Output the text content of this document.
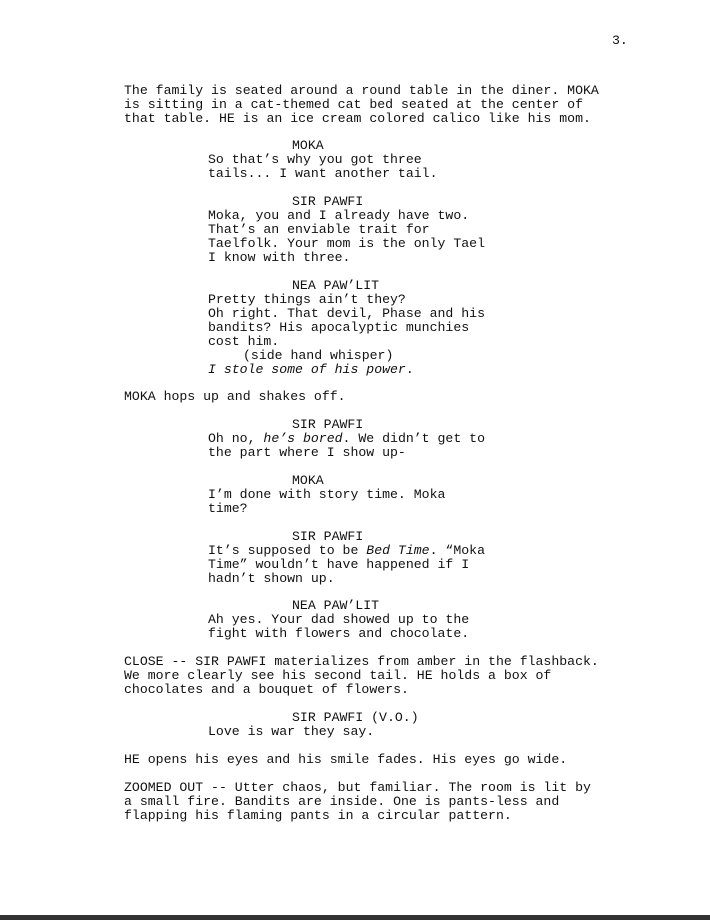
3.
The family is seated around a round table in the diner. MOKA
is sitting in a cat-themed cat bed seated at the center of
that table. HE is an ice cream colored calico like his mom.
MOKA
So that’s why you got three
tails... I want another tail.
SIR PAWFI
Moka, you and I already have two.
That’s an enviable trait for
Taelfolk. Your mom is the only Tael
I know with three.
NEA PAW’LIT
Pretty things ain’t they?
Oh right. That devil, Phase and his
bandits? His apocalyptic munchies
cost him.
(side hand whisper)
I stole some of his power.
MOKA hops up and shakes off.
SIR PAWFI
Oh no, he’s bored. We didn’t get to
the part where I show up-
MOKA
I’m done with story time. Moka
time?
SIR PAWFI
It’s supposed to be Bed Time. “Moka
Time” wouldn’t have happened if I
hadn’t shown up.
NEA PAW’LIT
Ah yes. Your dad showed up to the
fight with flowers and chocolate.
CLOSE -- SIR PAWFI materializes from amber in the flashback.
We more clearly see his second tail. HE holds a box of
chocolates and a bouquet of flowers.
SIR PAWFI (V.O.)
Love is war they say.
HE opens his eyes and his smile fades. His eyes go wide.
ZOOMED OUT -- Utter chaos, but familiar. The room is lit by
a small fire. Bandits are inside. One is pants-less and
flapping his flaming pants in a circular pattern.
